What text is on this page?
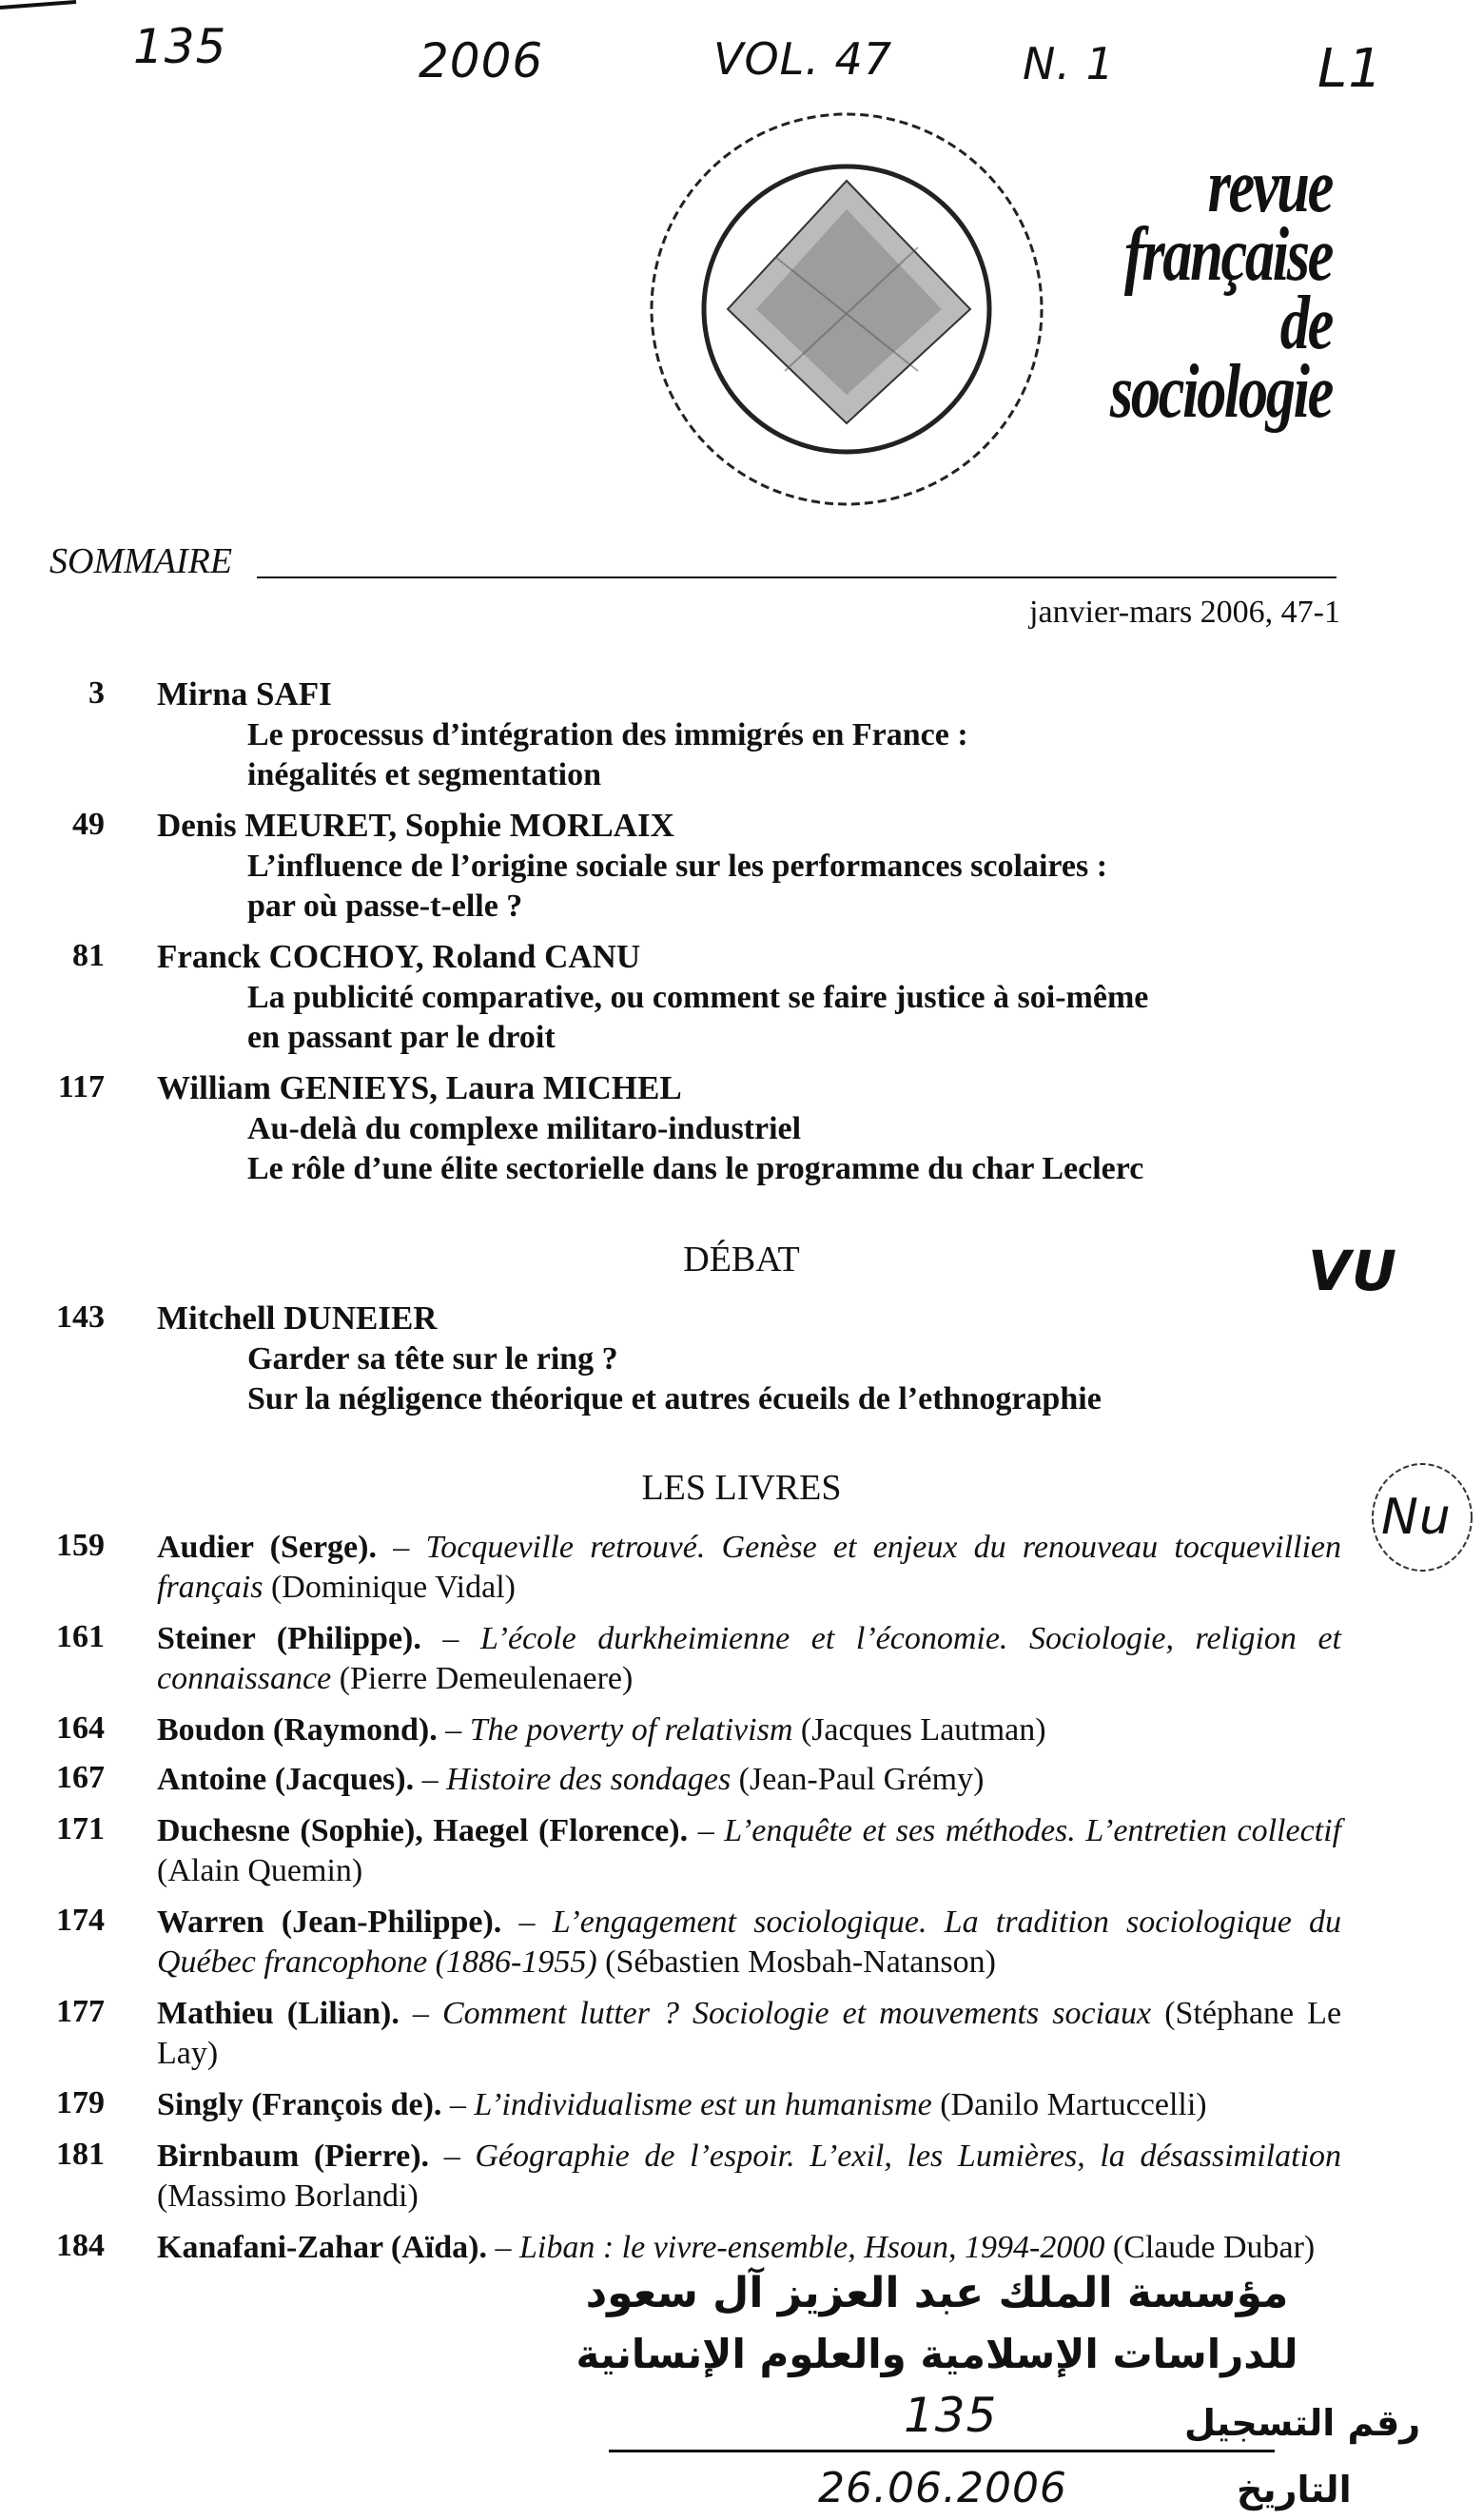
135	2006	VOL. 47	N. 1	L1
revue
française
de
sociologie
SOMMAIRE
janvier-mars 2006, 47-1
3 Mirna SAFI
Le processus d’intégration des immigrés en France :
inégalités et segmentation
49 Denis MEURET, Sophie MORLAIX
L’influence de l’origine sociale sur les performances scolaires :
par où passe-t-elle ?
81 Franck COCHOY, Roland CANU
La publicité comparative, ou comment se faire justice à soi-même
en passant par le droit
117 William GENIEYS, Laura MICHEL
Au-delà du complexe militaro-industriel
Le rôle d’une élite sectorielle dans le programme du char Leclerc
DÉBAT
143 Mitchell DUNEIER
Garder sa tête sur le ring ?
Sur la négligence théorique et autres écueils de l’ethnographie
VU
Nu
LES LIVRES
159 Audier (Serge). – Tocqueville retrouvé. Genèse et enjeux du renouveau tocquevillien français (Dominique Vidal)
161 Steiner (Philippe). – L’école durkheimienne et l’économie. Sociologie, religion et connaissance (Pierre Demeulenaere)
164 Boudon (Raymond). – The poverty of relativism (Jacques Lautman)
167 Antoine (Jacques). – Histoire des sondages (Jean-Paul Grémy)
171 Duchesne (Sophie), Haegel (Florence). – L’enquête et ses méthodes. L’entretien collectif (Alain Quemin)
174 Warren (Jean-Philippe). – L’engagement sociologique. La tradition sociologique du Québec francophone (1886-1955) (Sébastien Mosbah-Natanson)
177 Mathieu (Lilian). – Comment lutter ? Sociologie et mouvements sociaux (Stéphane Le Lay)
179 Singly (François de). – L’individualisme est un humanisme (Danilo Martuccelli)
181 Birnbaum (Pierre). – Géographie de l’espoir. L’exil, les Lumières, la désassimilation (Massimo Borlandi)
184 Kanafani-Zahar (Aïda). – Liban : le vivre-ensemble, Hsoun, 1994-2000 (Claude Dubar)
مؤسسة الملك عبد العزيز آل سعود
للدراسات الإسلامية والعلوم الإنسانية
رقم التسجيل
135
26.06.2006	التاريخ
